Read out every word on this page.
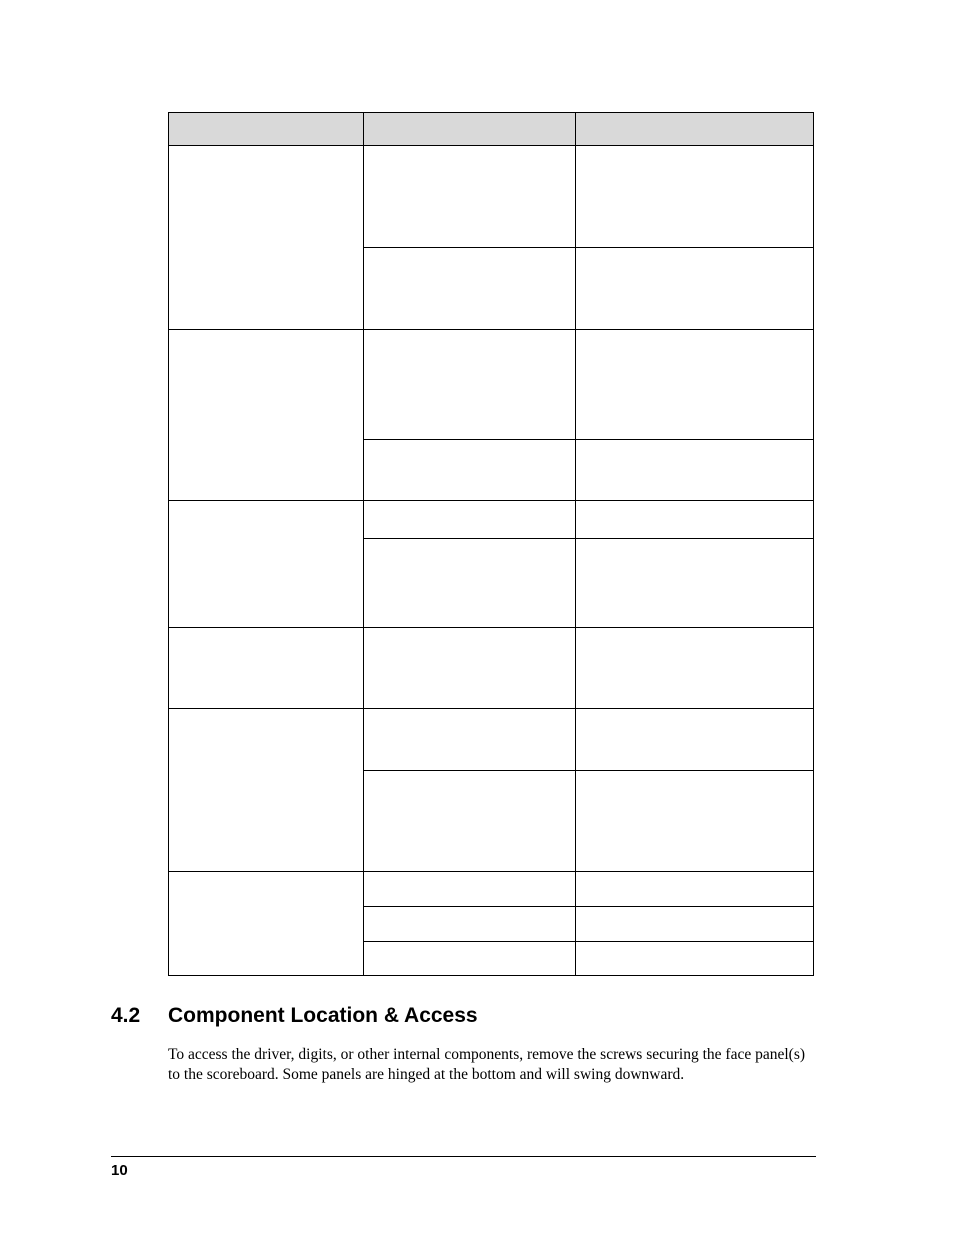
4.2 Component Location & Access

To access the driver, digits, or other internal components, remove the screws securing the face panel(s) to the scoreboard. Some panels are hinged at the bottom and will swing downward.

10
